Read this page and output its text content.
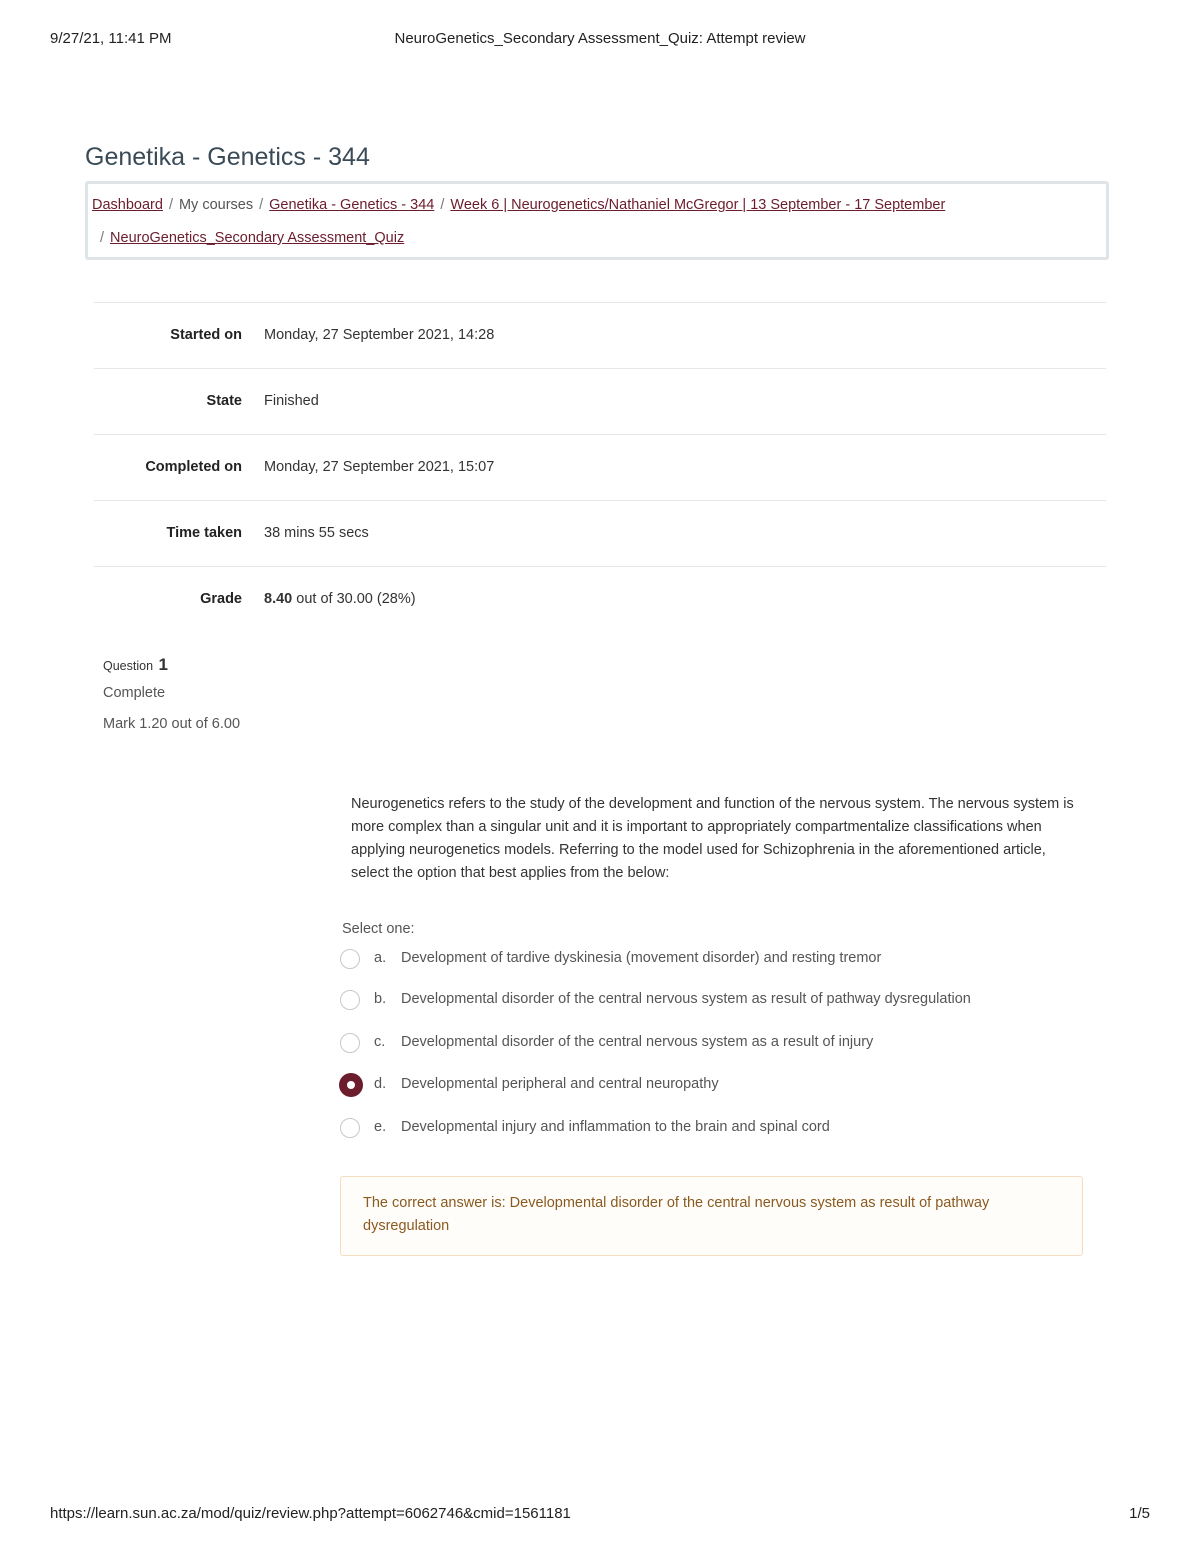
9/27/21, 11:41 PM	NeuroGenetics_Secondary Assessment_Quiz: Attempt review
Genetika - Genetics - 344
Dashboard / My courses / Genetika - Genetics - 344 / Week 6 | Neurogenetics/Nathaniel McGregor | 13 September - 17 September
/ NeuroGenetics_Secondary Assessment_Quiz
Started on Monday, 27 September 2021, 14:28
State Finished
Completed on Monday, 27 September 2021, 15:07
Time taken 38 mins 55 secs
Grade 8.40 out of 30.00 (28%)
Question 1
Complete
Mark 1.20 out of 6.00
Neurogenetics refers to the study of the development and function of the nervous system. The nervous system is more complex than a singular unit and it is important to appropriately compartmentalize classifications when applying neurogenetics models. Referring to the model used for Schizophrenia in the aforementioned article, select the option that best applies from the below:
Select one:
a. Development of tardive dyskinesia (movement disorder) and resting tremor
b. Developmental disorder of the central nervous system as result of pathway dysregulation
c. Developmental disorder of the central nervous system as a result of injury
d. Developmental peripheral and central neuropathy
e. Developmental injury and inflammation to the brain and spinal cord
The correct answer is: Developmental disorder of the central nervous system as result of pathway dysregulation
https://learn.sun.ac.za/mod/quiz/review.php?attempt=6062746&cmid=1561181	1/5
